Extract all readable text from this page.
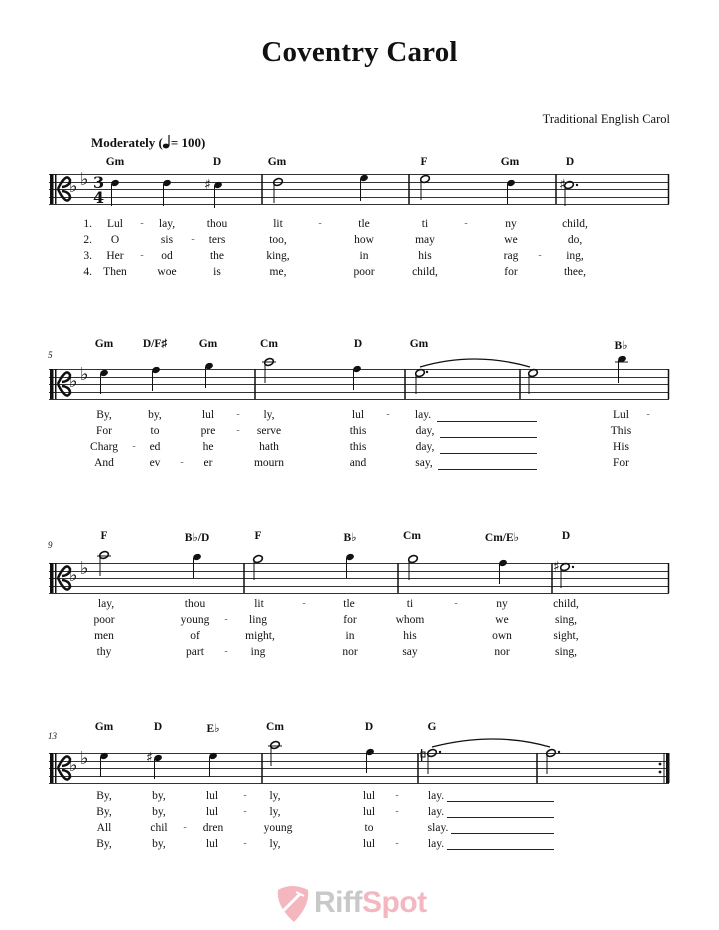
Coventry Carol
Traditional English Carol
Moderately ( = 100)
Gm	D	Gm	F	Gm	D
♭ ♭ 3
4
♯	♯
1.
2.
3.
4.
Lul - lay,	thou	lit	-	tle	ti	-	ny	child,
O	sis - ters	too,	how	may	we	do,
Her - od	the	king,	in	his	rag - ing,
Then	woe	is	me,	poor	child,	for	thee,
5
Gm	D/F♯	Gm	Cm	D	Gm	B♭
♭ ♭
By,	by,	lul - ly,	lul - lay.	Lul -
For	to	pre - serve	this	day,	This
Charg - ed	he	hath	this	day,	His
And	ev - er	mourn	and	say,	For
9
F	B♭/D	F	B♭	Cm	Cm/E♭	D
♭ ♭	♯
lay,	thou	lit	-	tle	ti	-	ny	child,
poor	young - ling	for	whom	we	sing,
men	of	might,	in	his	own	sight,
thy	part - ing	nor	say	nor	sing,
13
Gm	D	E♭	Cm	D	G
♭ ♭	♯
By,	by,	lul	- ly,	lul -	lay.
By,	by,	lul	- ly,	lul -	lay.
All	chil - dren	young	to	slay.
By,	by,	lul	- ly,	lul -	lay.
RiffSpot
